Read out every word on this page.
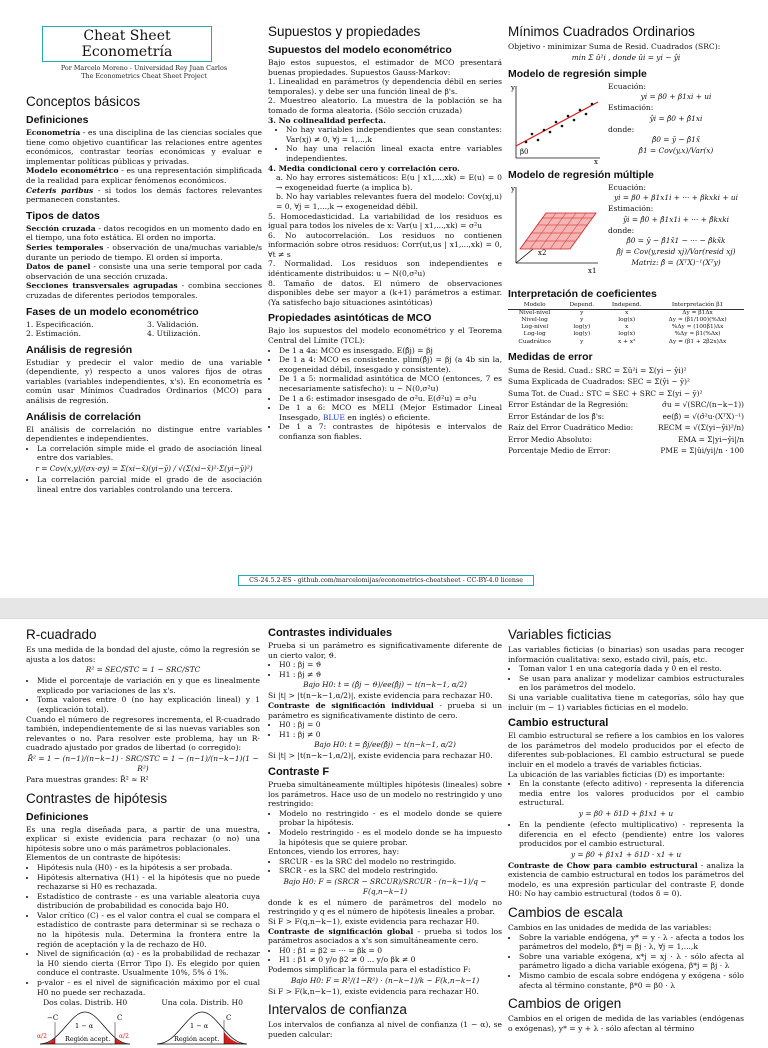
Cheat Sheet Econometría
Por Marcelo Moreno - Universidad Rey Juan Carlos
The Econometrics Cheat Sheet Project
Conceptos básicos
Definiciones

Econometría - es una disciplina de las ciencias sociales que tiene como objetivo cuantificar las relaciones entre agentes económicos, contrastar teorías económicas y evaluar e implementar políticas públicas y privadas.

Modelo econométrico - es una representación simplificada de la realidad para explicar fenómenos económicos.

Ceteris paribus - si todos los demás factores relevantes permanecen constantes.

Tipos de datos

Sección cruzada - datos recogidos en un momento dado en el tiempo, una foto estática. El orden no importa.

Series temporales - observación de una/muchas variable/s durante un periodo de tiempo. El orden sí importa.

Datos de panel - consiste una una serie temporal por cada observación de una sección cruzada.

Secciones transversales agrupadas - combina secciones cruzadas de diferentes periodos temporales.

Fases de un modelo econométrico
1. Especificación.	3. Validación.
2. Estimación.	4. Utilización.
Análisis de regresión

Estudiar y predecir el valor medio de una variable (dependiente, y) respecto a unos valores fijos de otras variables (variables independientes, x's). En econometría es común usar Mínimos Cuadrados Ordinarios (MCO) para análisis de regresión.

Análisis de correlación

El análisis de correlación no distingue entre variables dependientes e independientes.

• La correlación simple mide el grado de asociación lineal entre dos variables.
r = Cov(x,y)/(σx·σy) = Σ(xi−x̄)(yi−ȳ) / √(Σ(xi−x̄)²·Σ(yi−ȳ)²)
• La correlación parcial mide el grado de de asociación lineal entre dos variables controlando una tercera.
Supuestos y propiedades
Supuestos del modelo econométrico

Bajo estos supuestos, el estimador de MCO presentará buenas propiedades. Supuestos Gauss-Markov:

1. Linealidad en parámetros (y dependencia débil en series temporales). y debe ser una función lineal de β's.

2. Muestreo aleatorio. La muestra de la población se ha tomado de forma aleatoria. (Sólo sección cruzada)

3. No colinealidad perfecta.

• No hay variables independientes que sean constantes: Var(xj) ≠ 0, ∀j = 1,...,k
• No hay una relación lineal exacta entre variables independientes.

4. Media condicional cero y correlación cero.

a. No hay errores sistemáticos: E(u | x1,...,xk) = E(u) = 0 → exogeneidad fuerte (a implica b).

b. No hay variables relevantes fuera del modelo: Cov(xj,u) = 0, ∀j = 1,...,k → exogeneidad débil.

5. Homocedasticidad. La variabilidad de los residuos es igual para todos los niveles de x: Var(u | x1,...,xk) = σ²u

6. No autocorrelación. Los residuos no contienen información sobre otros residuos: Corr(ut,us | x1,...,xk) = 0, ∀t ≠ s

7. Normalidad. Los residuos son independientes e idénticamente distribuidos: u ~ N(0,σ²u)

8. Tamaño de datos. El número de observaciones disponibles debe ser mayor a (k+1) parámetros a estimar. (Ya satisfecho bajo situaciones asintóticas)

Propiedades asintóticas de MCO

Bajo los supuestos del modelo econométrico y el Teorema Central del Límite (TCL):

• De 1 a 4a: MCO es insesgado. E(β̂j) = βj
• De 1 a 4: MCO es consistente. plim(β̂j) = βj (a 4b sin la, exogeneidad débil, insesgado y consistente).
• De 1 a 5: normalidad asintótica de MCO (entonces, 7 es necesariamente satisfecho): u ~ N(0,σ²u)
• De 1 a 6: estimador insesgado de σ²u. E(σ̂²u) = σ²u
• De 1 a 6: MCO es MELI (Mejor Estimador Lineal Insesgado, BLUE en inglés) o eficiente.
• De 1 a 7: contrastes de hipótesis e intervalos de confianza son fiables.
Mínimos Cuadrados Ordinarios

Objetivo - minimizar Suma de Resid. Cuadrados (SRC):

min Σ û²i , donde ûi = yi − ŷi
Modelo de regresión simple
y
x
β0

Ecuación:

yi = β0 + β1xi + ui

Estimación:

ŷi = β̂0 + β̂1xi

donde:

β̂0 = ȳ − β̂1x̄
β̂1 = Cov(y,x)/Var(x)
Modelo de regresión múltiple
y
x1
x2

Ecuación:

yi = β0 + β1x1i + ··· + βkxki + ui

Estimación:

ŷi = β̂0 + β̂1x1i + ··· + β̂kxki

donde:

β̂0 = ȳ − β̂1x̄1 − ··· − β̂kx̄k
β̂j = Cov(y,resid xj)/Var(resid xj)
Matriz: β̂ = (XᵀX)⁻¹(Xᵀy)
Interpretación de coeficientes
Modelo	Depend.	Independ.	Interpretación β1
Nivel-nivel	y	x	Δy = β1Δx
Nivel-log	y	log(x)	Δy ≈ (β1/100)(%Δx)
Log-nivel	log(y)	x	%Δy ≈ (100β1)Δx
Log-log	log(y)	log(x)	%Δy ≈ β1(%Δx)
Cuadrático	y	x + x²	Δy = (β1 + 2β2x)Δx
Medidas de error
Suma de Resid. Cuad.: SRC = Σû²i = Σ(yi − ŷi)²
Suma Explicada de Cuadrados: SEC = Σ(ŷi − ȳ)²
Suma Tot. de Cuad.: STC = SEC + SRC = Σ(yi − ȳ)²
Error Estándar de la Regresión:	σ̂u = √(SRC/(n−k−1))
Error Estándar de los β̂'s:	ee(β̂) = √(σ̂²u·(XᵀX)⁻¹)
Raíz del Error Cuadrático Medio:	RECM = √(Σ(yi−ŷi)²/n)
Error Medio Absoluto:	EMA = Σ|yi−ŷi|/n
Porcentaje Medio de Error:	PME = Σ|ûi/yi|/n · 100
CS-24.5.2-ES - github.com/marcelomijas/econometrics-cheatsheet - CC-BY-4.0 license
R-cuadrado

Es una medida de la bondad del ajuste, cómo la regresión se ajusta a los datos:

R² = SEC/STC = 1 − SRC/STC
• Mide el porcentaje de variación en y que es linealmente explicado por variaciones de las x's.
• Toma valores entre 0 (no hay explicación lineal) y 1 (explicación total).

Cuando el número de regresores incrementa, el R-cuadrado también, independientemente de si las nuevas variables son relevantes o no. Para resolver este problema, hay un R-cuadrado ajustado por grados de libertad (o corregido):

R̄² = 1 − (n−1)/(n−k−1) · SRC/STC = 1 − (n−1)/(n−k−1)(1 − R²)

Para muestras grandes: R̄² ≈ R²

Contrastes de hipótesis
Definiciones

Es una regla diseñada para, a partir de una muestra, explicar si existe evidencia para rechazar (o no) una hipótesis sobre uno o más parámetros poblacionales.

Elementos de un contraste de hipótesis:

• Hipótesis nula (H0) - es la hipótesis a ser probada.
• Hipótesis alternativa (H1) - el la hipótesis que no puede rechazarse si H0 es rechazada.
• Estadístico de contraste - es una variable aleatoria cuya distribución de probabilidad es conocida bajo H0.
• Valor crítico (C) - es el valor contra el cual se compara el estadístico de contraste para determinar si se rechaza o no la hipótesis nula. Determina la frontera entre la región de aceptación y la de rechazo de H0.
• Nivel de significación (α) - es la probabilidad de rechazar la H0 siendo cierta (Error Tipo I). Es elegido por quien conduce el contraste. Usualmente 10%, 5% ó 1%.
• p-valor - es el nivel de significación máximo por el cual H0 no puede ser rechazada.
Dos colas. Distrib. H0	Una cola. Distrib. H0
−C	C
1 − α
α/2	α/2
Región acept.
C
1 − α
Región acept.
Contrastes individuales

Prueba si un parámetro es significativamente diferente de un cierto valor, ϑ.

• H0 : βj = ϑ
• H1 : βj ≠ ϑ
Bajo H0: t = (β̂j − ϑ)/ee(β̂j) ~ t(n−k−1, α/2)

Si |t| > |t(n−k−1,α/2)|, existe evidencia para rechazar H0.

Contraste de significación individual - prueba si un parámetro es significativamente distinto de cero.

• H0 : βj = 0
• H1 : βj ≠ 0
Bajo H0: t = β̂j/ee(β̂j) ~ t(n−k−1, α/2)

Si |t| > |t(n−k−1,α/2)|, existe evidencia para rechazar H0.

Contraste F

Prueba simultáneamente múltiples hipótesis (lineales) sobre los parámetros. Hace uso de un modelo no restringido y uno restringido:

• Modelo no restringido - es el modelo donde se quiere probar la hipótesis.
• Modelo restringido - es el modelo donde se ha impuesto la hipótesis que se quiere probar.

Entonces, viendo los errores, hay:

• SRCUR - es la SRC del modelo no restringido.
• SRCR - es la SRC del modelo restringido.
Bajo H0: F = (SRCR − SRCUR)/SRCUR · (n−k−1)/q ~ F(q,n−k−1)

donde k es el número de parámetros del modelo no restringido y q es el número de hipótesis lineales a probar.

Si F > F(q,n−k−1), existe evidencia para rechazar H0.

Contraste de significación global - prueba si todos los parámetros asociados a x's son simultáneamente cero.

• H0 : β1 = β2 = ··· = βk = 0
• H1 : β1 ≠ 0 y/o β2 ≠ 0 ... y/o βk ≠ 0

Podemos simplificar la fórmula para el estadístico F:

Bajo H0: F = R²/(1−R²) · (n−k−1)/k ~ F(k,n−k−1)

Si F > F(k,n−k−1), existe evidencia para rechazar H0.

Intervalos de confianza

Los intervalos de confianza al nivel de confianza (1 − α), se pueden calcular:

Variables ficticias

Las variables ficticias (o binarias) son usadas para recoger información cualitativa: sexo, estado civil, país, etc.

• Toman valor 1 en una categoría dada y 0 en el resto.
• Se usan para analizar y modelizar cambios estructurales en los parámetros del modelo.

Si una variable cualitativa tiene m categorías, sólo hay que incluir (m − 1) variables ficticias en el modelo.

Cambio estructural

El cambio estructural se refiere a los cambios en los valores de los parámetros del modelo producidos por el efecto de diferentes sub-poblaciones. El cambio estructural se puede incluir en el modelo a través de variables ficticias.

La ubicación de las variables ficticias (D) es importante:

• En la constante (efecto aditivo) - representa la diferencia media entre los valores producidos por el cambio estructural.
y = β0 + δ1D + β1x1 + u
• En la pendiente (efecto multiplicativo) - representa la diferencia en el efecto (pendiente) entre los valores producidos por el cambio estructural.
y = β0 + β1x1 + δ1D · x1 + u

Contraste de Chow para cambio estructural - analiza la existencia de cambio estructural en todos los parámetros del modelo, es una expresión particular del contraste F, donde H0: No hay cambio estructural (todos δ = 0).

Cambios de escala

Cambios en las unidades de medida de las variables:

• Sobre la variable endógena, y* = y · λ - afecta a todos los parámetros del modelo, β*j = βj · λ, ∀j = 1,...,k
• Sobre una variable exógena, x*j = xj · λ - sólo afecta al parámetro ligado a dicha variable exógena, β*j = βj · λ
• Mismo cambio de escala sobre endógena y exógena - sólo afecta al término constante, β*0 = β0 · λ
Cambios de origen

Cambios en el origen de medida de las variables (endógenas o exógenas), y* = y + λ - sólo afectan al término
